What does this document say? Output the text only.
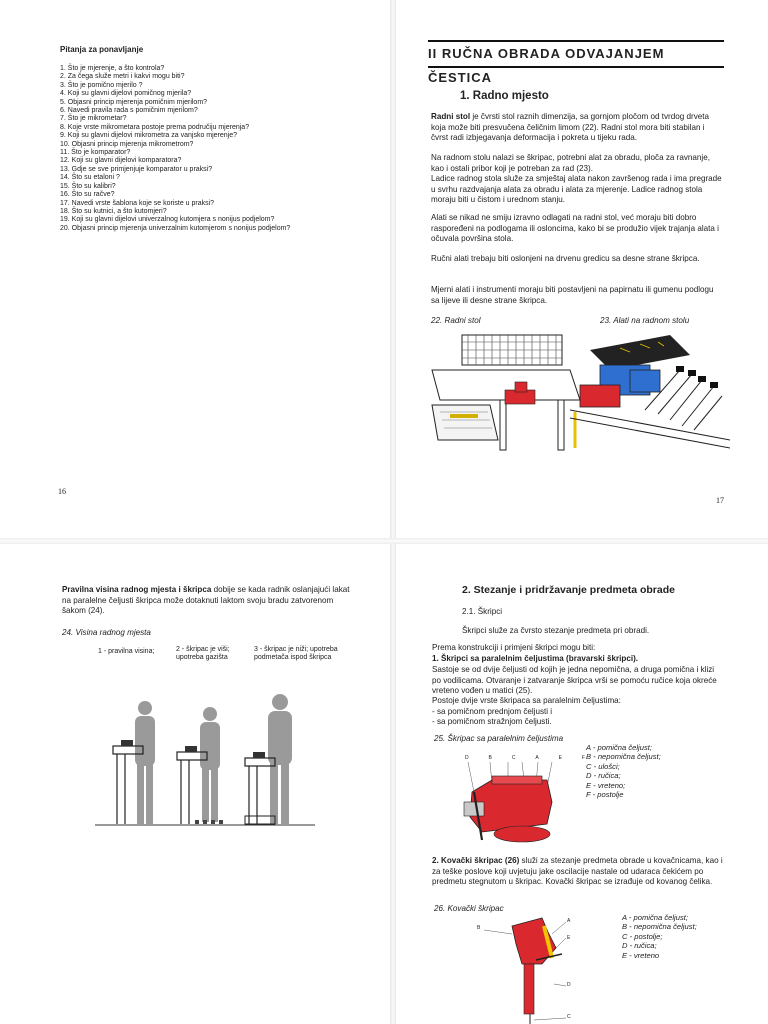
Pitanja za ponavljanje
1. Što je mjerenje, a što kontrola?
2. Za čega služe metri i kakvi mogu biti?
3. Što je pomično mjerilo ?
4. Koji su glavni dijelovi pomičnog mjerila?
5. Objasni princip mjerenja pomičnim mjerilom?
6. Navedi pravila rada s pomičnim mjerilom?
7. Što je mikrometar?
8. Koje vrste mikrometara postoje prema područiju mjerenja?
9. Koji su glavni dijelovi mikrometra za vanjsko mjerenje?
10. Objasni princip mjerenja mikrometrom?
11. Što je komparator?
12. Koji su glavni dijelovi komparatora?
13. Gdje se sve primjenjuje komparator u praksi?
14. Što su etaloni ?
15. Što su kalibri?
16. Što su račve?
17. Navedi vrste šablona koje se koriste u praksi?
18. Što su kutnici, a što kutomjeri?
19. Koji su glavni dijelovi univerzalnog kutomjera s nonijus podjelom?
20. Objasni princip mjerenja univerzalnim kutomjerom s nonijus podjelom?
16
II RUČNA OBRADA ODVAJANJEM ČESTICA
1. Radno mjesto
Radni stol je čvrsti stol raznih dimenzija, sa gornjom pločom od tvrdog drveta koja može biti presvučena čeličnim limom (22). Radni stol mora biti stabilan i čvrst radi izbjegavanja deformacija i pokreta u tijeku rada.
Na radnom stolu nalazi se škripac, potrebni alat za obradu, ploča za ravnanje, kao i ostali pribor koji je potreban za rad (23).
Ladice radnog stola služe za smještaj alata nakon završenog rada i ima pregrade u svrhu razdvajanja alata za obradu i alata za mjerenje. Ladice radnog stola moraju biti u čistom i urednom stanju.
Alati se nikad ne smiju izravno odlagati na radni stol, već moraju biti dobro raspoređeni na podlogama ili osloncima, kako bi se produžio vijek trajanja alata i očuvala površina stola.
Ručni alati trebaju biti oslonjeni na drvenu gredicu sa desne strane škripca.
Mjerni alati i instrumenti moraju biti postavljeni na papirnatu ili gumenu podlogu sa lijeve ili desne strane škripca.
22. Radni stol	23. Alati na radnom stolu
17
Pravilna visina radnog mjesta i škripca dobije se kada radnik oslanjajući lakat na paralelne čeljusti škripca može dotaknuti laktom svoju bradu zatvorenom šakom (24).
24. Visina radnog mjesta
1 - pravilna visina;	2 - škripac je viši; upotreba gazišta
3 - škripac je niži; upotreba podmetača ispod škripca
2. Stezanje i pridržavanje predmeta obrade
2.1. Škripci
Škripci služe za čvrsto stezanje predmeta pri obradi.
Prema konstrukciji i primjeni škripci mogu biti:
1. Škripci sa paralelnim čeljustima (bravarski škripci).
Sastoje se od dvije čeljusti od kojih je jedna nepomična, a druga pomična i klizi po vodilicama. Otvaranje i zatvaranje škripca vrši se pomoću ručice koja okreće vreteno vođen u matici (25).
Postoje dvije vrste škripaca sa paralelnim čeljustima:
- sa pomičnom prednjom čeljusti i
- sa pomičnom stražnjom čeljusti.
25. Škripac sa paralelnim čeljustima
D	B	C	A	E	F
A - pomična čeljust;
B - nepomična čeljust;
C - ulošci;
D - ručica;
E - vreteno;
F - postolje
2. Kovački škripac (26) služi za stezanje predmeta obrade u kovačnicama, kao i za teške poslove koji uvjetuju jake oscilacije nastale od udaraca čekićem po predmetu stegnutom u škripac. Kovački škripac se izrađuje od kovanog čelika.
26. Kovački škripac
B
A
E
D
C
A - pomična čeljust;
B - nepomična čeljust;
C - postolje;
D - ručica;
E - vreteno
